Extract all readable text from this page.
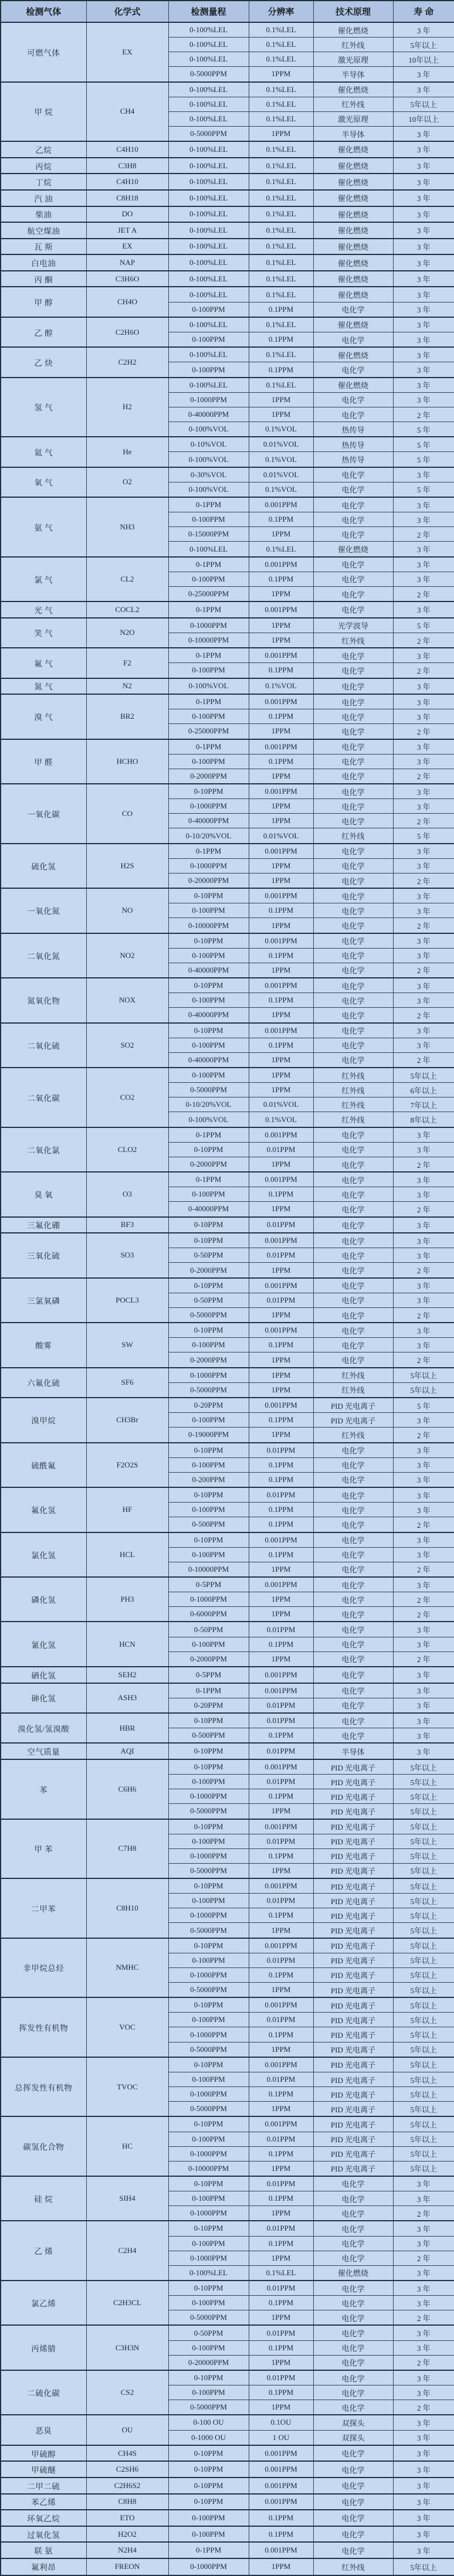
检测气体	化学式	检测量程	分辨率	技术原理	寿 命
可燃气体	EX	0-100%LEL	0.1%LEL	催化燃烧	3 年
		0-100%LEL	0.1%LEL	红外线	5年以上
		0-100%LEL	0.1%LEL	激光原理	10年以上
		0-5000PPM	1PPM	半导体	3 年
甲 烷	CH4	0-100%LEL	0.1%LEL	催化燃烧	3 年
		0-100%LEL	0.1%LEL	红外线	5年以上
		0-100%LEL	0.1%LEL	激光原理	10年以上
		0-5000PPM	1PPM	半导体	3 年
乙烷	C4H10	0-100%LEL	0.1%LEL	催化燃烧	3 年
丙烷	C3H8	0-100%LEL	0.1%LEL	催化燃烧	3 年
丁烷	C4H10	0-100%LEL	0.1%LEL	催化燃烧	3 年
汽 油	C8H18	0-100%LEL	0.1%LEL	催化燃烧	3 年
柴油	DO	0-100%LEL	0.1%LEL	催化燃烧	3 年
航空煤油	JET A	0-100%LEL	0.1%LEL	催化燃烧	3 年
瓦 斯	EX	0-100%LEL	0.1%LEL	催化燃烧	3 年
白电油	NAP	0-100%LEL	0.1%LEL	催化燃烧	3 年
丙 酮	C3H6O	0-100%LEL	0.1%LEL	催化燃烧	3 年
甲 醇	CH4O	0-100%LEL	0.1%LEL	催化燃烧	3 年
		0-100PPM	0.1PPM	电化学	3 年
乙 醇	C2H6O	0-100%LEL	0.1%LEL	催化燃烧	3 年
		0-100PPM	0.1PPM	电化学	3 年
乙 炔	C2H2	0-100%LEL	0.1%LEL	催化燃烧	3 年
		0-100PPM	0.1PPM	电化学	3 年
氢 气	H2	0-100%LEL	0.1%LEL	催化燃烧	3 年
		0-1000PPM	1PPM	电化学	3 年
		0-40000PPM	1PPM	电化学	2 年
		0-100%VOL	0.1%VOL	热传导	5 年
氦 气	He	0-10%VOL	0.01%VOL	热传导	5 年
		0-100%VOL	0.1%VOL	热传导	5 年
氧 气	O2	0-30%VOL	0.01%VOL	电化学	3 年
		0-100%VOL	0.1%VOL	电化学	5 年
氨 气	NH3	0-1PPM	0.001PPM	电化学	3 年
		0-100PPM	0.1PPM	电化学	3 年
		0-15000PPM	1PPM	电化学	2 年
		0-100%LEL	0.1%LEL	催化燃烧	3 年
氯 气	CL2	0-1PPM	0.001PPM	电化学	3 年
		0-100PPM	0.1PPM	电化学	3 年
		0-25000PPM	1PPM	电化学	2 年
光 气	COCL2	0-1PPM	0.001PPM	电化学	3 年
笑 气	N2O	0-1000PPM	1PPM	光学波导	5 年
		0-10000PPM	1PPM	红外线	2 年
氟 气	F2	0-1PPM	0.001PPM	电化学	3 年
		0-100PPM	0.1PPM	电化学	2 年
氮 气	N2	0-100%VOL	0.1%VOL	电化学	3 年
溴 气	BR2	0-1PPM	0.001PPM	电化学	3 年
		0-100PPM	0.1PPM	电化学	3 年
		0-25000PPM	1PPM	电化学	2 年
甲 醛	HCHO	0-1PPM	0.001PPM	电化学	3 年
		0-100PPM	0.1PPM	电化学	3 年
		0-2000PPM	1PPM	电化学	2 年
一氧化碳	CO	0-10PPM	0.001PPM	电化学	3 年
		0-1000PPM	1PPM	电化学	3 年
		0-40000PPM	1PPM	电化学	2 年
		0-10/20%VOL	0.01%VOL	红外线	5 年
硫化氢	H2S	0-1PPM	0.001PPM	电化学	3 年
		0-1000PPM	1PPM	电化学	3 年
		0-20000PPM	1PPM	电化学	2 年
一氧化氮	NO	0-10PPM	0.001PPM	电化学	3 年
		0-100PPM	0.1PPM	电化学	3 年
		0-10000PPM	1PPM	电化学	2 年
二氧化氮	NO2	0-10PPM	0.001PPM	电化学	3 年
		0-100PPM	0.1PPM	电化学	3 年
		0-40000PPM	1PPM	电化学	2 年
氮氧化物	NOX	0-10PPM	0.001PPM	电化学	3 年
		0-100PPM	0.1PPM	电化学	3 年
		0-40000PPM	1PPM	电化学	2 年
二氧化硫	SO2	0-10PPM	0.001PPM	电化学	3 年
		0-100PPM	0.1PPM	电化学	3 年
		0-40000PPM	1PPM	电化学	2 年
二氧化碳	CO2	0-100PPM	1PPM	红外线	5年以上
		0-5000PPM	1PPM	红外线	6年以上
		0-10/20%VOL	0.01%VOL	红外线	7年以上
		0-100%VOL	0.1%VOL	红外线	8年以上
二氧化氯	CLO2	0-1PPM	0.001PPM	电化学	3 年
		0-10PPM	0.01PPM	电化学	3 年
		0-2000PPM	1PPM	电化学	2 年
臭 氧	O3	0-1PPM	0.001PPM	电化学	3 年
		0-100PPM	0.1PPM	电化学	3 年
		0-40000PPM	1PPM	电化学	2 年
三氟化硼	BF3	0-10PPM	0.01PPM	电化学	3 年
三氧化硫	SO3	0-10PPM	0.001PPM	电化学	3 年
		0-50PPM	0.01PPM	电化学	3 年
		0-2000PPM	1PPM	电化学	2 年
三氯氧磷	POCL3	0-10PPM	0.001PPM	电化学	3 年
		0-50PPM	0.01PPM	电化学	3 年
		0-5000PPM	1PPM	电化学	2 年
酸雾	SW	0-10PPM	0.001PPM	电化学	3 年
		0-100PPM	0.1PPM	电化学	3 年
		0-2000PPM	1PPM	电化学	2 年
六氟化硫	SF6	0-1000PPM	1PPM	红外线	5年以上
		0-5000PPM	1PPM	红外线	5年以上
溴甲烷	CH3Br	0-20PPM	0.001PPM	PID 光电离子	5 年
		0-100PPM	0.1PPM	PID 光电离子	3 年
		0-19000PPM	1PPM	红外线	2 年
硫酰氟	F2O2S	0-10PPM	0.01PPM	电化学	3 年
		0-100PPM	0.1PPM	电化学	3 年
		0-200PPM	0.1PPM	电化学	3 年
氟化氢	HF	0-10PPM	0.01PPM	电化学	3 年
		0-100PPM	0.1PPM	电化学	3 年
		0-500PPM	0.1PPM	电化学	2 年
氯化氢	HCL	0-10PPM	0.001PPM	电化学	3 年
		0-100PPM	0.1PPM	电化学	3 年
		0-10000PPM	1PPM	电化学	2 年
磷化氢	PH3	0-5PPM	0.001PPM	电化学	3 年
		0-1000PPM	1PPM	电化学	2 年
		0-6000PPM	1PPM	电化学	2 年
氰化氢	HCN	0-50PPM	0.01PPM	电化学	3 年
		0-100PPM	0.1PPM	电化学	3 年
		0-2000PPM	1PPM	电化学	2 年
硒化氢	SEH2	0-5PPM	0.001PPM	电化学	3 年
砷化氢	ASH3	0-1PPM	0.001PPM	电化学	3 年
		0-20PPM	0.01PPM	电化学	3 年
溴化氢/氢溴酸	HBR	0-10PPM	0.01PPM	电化学	3 年
		0-500PPM	0.1PPM	电化学	3 年
空气质量	AQI	0-10PPM	0.01PPM	半导体	3 年
苯	C6H6	0-10PPM	0.001PPM	PID 光电离子	5年以上
		0-100PPM	0.01PPM	PID 光电离子	5年以上
		0-1000PPM	0.1PPM	PID 光电离子	5年以上
		0-5000PPM	1PPM	PID 光电离子	5年以上
甲 苯	C7H8	0-10PPM	0.001PPM	PID 光电离子	5年以上
		0-100PPM	0.01PPM	PID 光电离子	5年以上
		0-1000PPM	0.1PPM	PID 光电离子	5年以上
		0-5000PPM	1PPM	PID 光电离子	5年以上
二甲苯	C8H10	0-10PPM	0.001PPM	PID 光电离子	5年以上
		0-100PPM	0.01PPM	PID 光电离子	5年以上
		0-1000PPM	0.1PPM	PID 光电离子	5年以上
		0-5000PPM	1PPM	PID 光电离子	5年以上
非甲烷总烃	NMHC	0-10PPM	0.001PPM	PID 光电离子	5年以上
		0-100PPM	0.01PPM	PID 光电离子	5年以上
		0-1000PPM	0.1PPM	PID 光电离子	5年以上
		0-5000PPM	1PPM	PID 光电离子	5年以上
挥发性有机物	VOC	0-10PPM	0.001PPM	PID 光电离子	5年以上
		0-100PPM	0.01PPM	PID 光电离子	5年以上
		0-1000PPM	0.1PPM	PID 光电离子	5年以上
		0-5000PPM	1PPM	PID 光电离子	5年以上
总挥发性有机物	TVOC	0-10PPM	0.001PPM	PID 光电离子	5年以上
		0-100PPM	0.01PPM	PID 光电离子	5年以上
		0-1000PPM	0.1PPM	PID 光电离子	5年以上
		0-5000PPM	1PPM	PID 光电离子	5年以上
碳氢化合物	HC	0-10PPM	0.001PPM	PID 光电离子	5年以上
		0-100PPM	0.01PPM	PID 光电离子	5年以上
		0-1000PPM	0.1PPM	PID 光电离子	5年以上
		0-10000PPM	1PPM	PID 光电离子	5年以上
硅 烷	SIH4	0-10PPM	0.01PPM	电化学	3 年
		0-100PPM	0.1PPM	电化学	3 年
		0-1000PPM	1PPM	电化学	2 年
乙 烯	C2H4	0-10PPM	0.01PPM	电化学	3 年
		0-100PPM	0.1PPM	电化学	3 年
		0-1000PPM	1PPM	电化学	2 年
		0-100%LEL	0.1%LEL	催化燃烧	3 年
氯乙烯	C2H3CL	0-10PPM	0.01PPM	电化学	3 年
		0-100PPM	0.1PPM	电化学	3 年
		0-5000PPM	1PPM	电化学	2 年
丙烯腈	C3H3N	0-50PPM	0.01PPM	电化学	3 年
		0-100PPM	0.1PPM	电化学	3 年
		0-20000PPM	1PPM	电化学	2 年
二硫化碳	CS2	0-10PPM	0.01PPM	电化学	3 年
		0-100PPM	0.1PPM	电化学	3 年
		0-5000PPM	1PPM	电化学	2 年
恶臭	OU	0-100 OU	0.1OU	双探头	3 年
		0-1000 OU	1 OU	双探头	3 年
甲硫醇	CH4S	0-10PPM	0.001PPM	电化学	3 年
甲硫醚	C2SH6	0-10PPM	0.001PPM	电化学	3 年
二甲二硫	C2H6S2	0-10PPM	0.001PPM	电化学	3 年
苯乙烯	C8H8	0-10PPM	0.001PPM	电化学	3 年
环氧乙烷	ETO	0-100PPM	0.1PPM	电化学	3 年
过氧化氢	H2O2	0-100PPM	0.1PPM	电化学	3 年
联 氨	N2H4	0-1PPM	0.001PPM	电化学	3 年
氟利昂	FREON	0-1000PPM	1PPM	红外线	5年以上
